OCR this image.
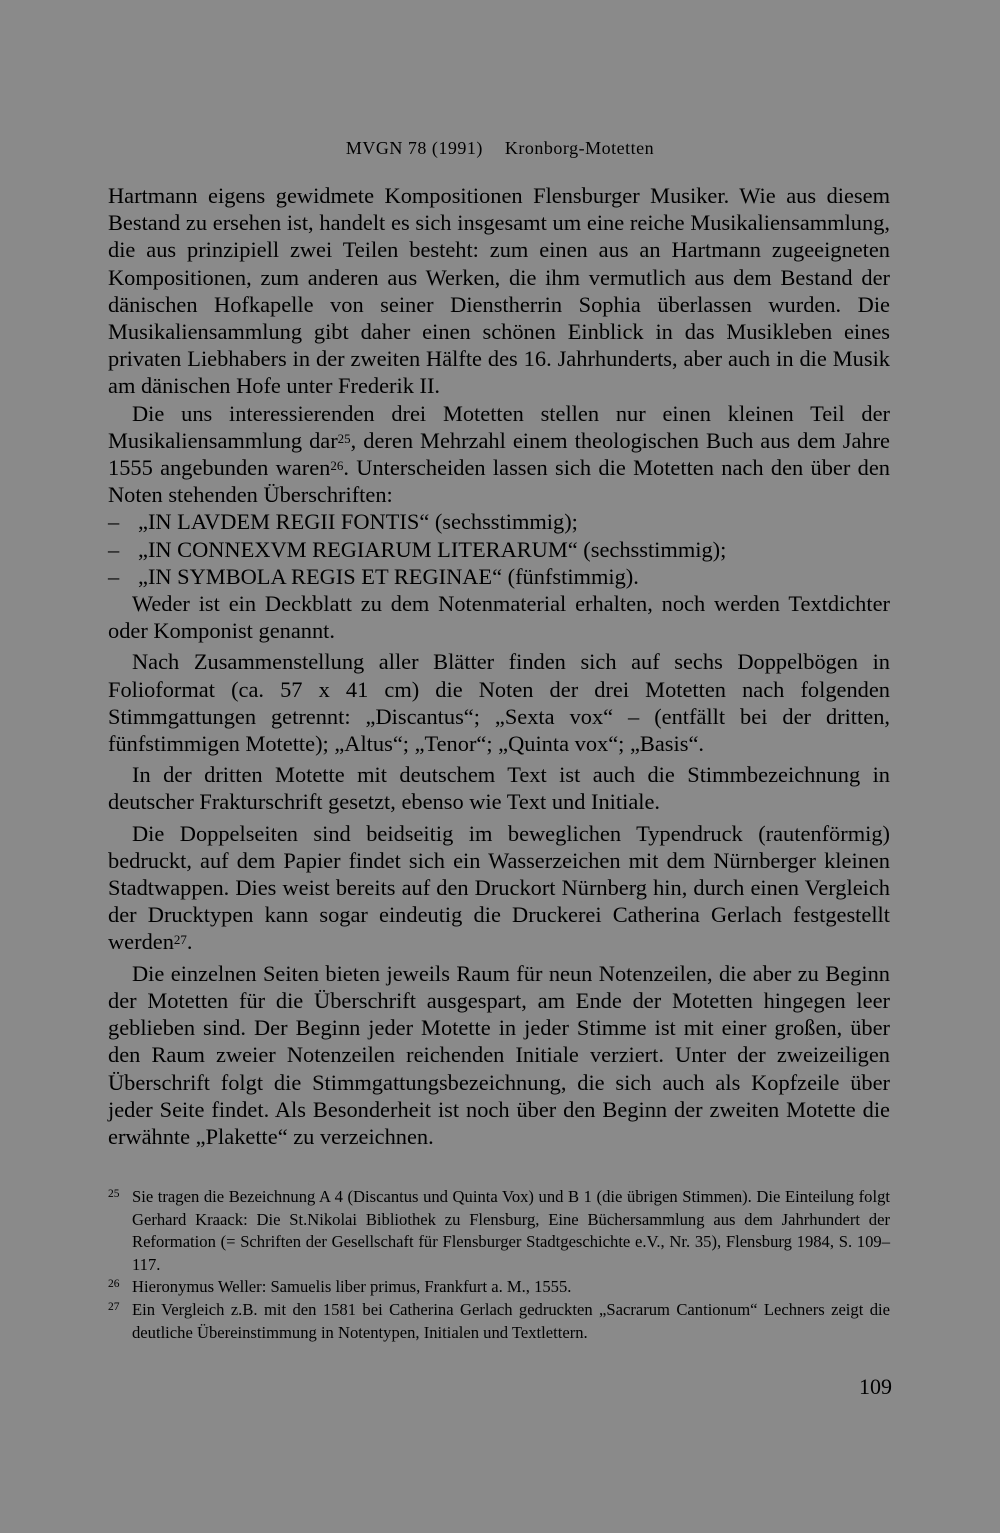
MVGN 78 (1991) Kronborg-Motetten

Hartmann eigens gewidmete Kompositionen Flensburger Musiker. Wie aus diesem Bestand zu ersehen ist, handelt es sich insgesamt um eine reiche Musikaliensammlung, die aus prinzipiell zwei Teilen besteht: zum einen aus an Hartmann zugeeigneten Kompositionen, zum anderen aus Werken, die ihm vermutlich aus dem Bestand der dänischen Hofkapelle von seiner Dienstherrin Sophia überlassen wurden. Die Musikaliensammlung gibt daher einen schönen Einblick in das Musikleben eines privaten Liebhabers in der zweiten Hälfte des 16. Jahrhunderts, aber auch in die Musik am dänischen Hofe unter Frederik II.

Die uns interessierenden drei Motetten stellen nur einen kleinen Teil der Musikaliensammlung dar$^{25}$, deren Mehrzahl einem theologischen Buch aus dem Jahre 1555 angebunden waren$^{26}$. Unterscheiden lassen sich die Motetten nach den über den Noten stehenden Überschriften:

– „IN LAVDEM REGII FONTIS“ (sechsstimmig);

– „IN CONNEXVM REGIARUM LITERARUM“ (sechsstimmig);

– „IN SYMBOLA REGIS ET REGINAE“ (fünfstimmig).

Weder ist ein Deckblatt zu dem Notenmaterial erhalten, noch werden Textdichter oder Komponist genannt.

Nach Zusammenstellung aller Blätter finden sich auf sechs Doppelbögen in Folioformat (ca. 57 x 41 cm) die Noten der drei Motetten nach folgenden Stimmgattungen getrennt: „Discantus“; „Sexta vox“ – (entfällt bei der dritten, fünfstimmigen Motette); „Altus“; „Tenor“; „Quinta vox“; „Basis“.

In der dritten Motette mit deutschem Text ist auch die Stimmbezeichnung in deutscher Frakturschrift gesetzt, ebenso wie Text und Initiale.

Die Doppelseiten sind beidseitig im beweglichen Typendruck (rautenförmig) bedruckt, auf dem Papier findet sich ein Wasserzeichen mit dem Nürnberger kleinen Stadtwappen. Dies weist bereits auf den Druckort Nürnberg hin, durch einen Vergleich der Drucktypen kann sogar eindeutig die Druckerei Catherina Gerlach festgestellt werden$^{27}$.

Die einzelnen Seiten bieten jeweils Raum für neun Notenzeilen, die aber zu Beginn der Motetten für die Überschrift ausgespart, am Ende der Motetten hingegen leer geblieben sind. Der Beginn jeder Motette in jeder Stimme ist mit einer großen, über den Raum zweier Notenzeilen reichenden Initiale verziert. Unter der zweizeiligen Überschrift folgt die Stimmgattungsbezeichnung, die sich auch als Kopfzeile über jeder Seite findet. Als Besonderheit ist noch über den Beginn der zweiten Motette die erwähnte „Plakette“ zu verzeichnen.

25 Sie tragen die Bezeichnung A 4 (Discantus und Quinta Vox) und B 1 (die übrigen Stimmen). Die Einteilung folgt Gerhard Kraack: Die St.Nikolai Bibliothek zu Flensburg, Eine Büchersammlung aus dem Jahrhundert der Reformation (= Schriften der Gesellschaft für Flensburger Stadtgeschichte e.V., Nr. 35), Flensburg 1984, S. 109–117.

26 Hieronymus Weller: Samuelis liber primus, Frankfurt a. M., 1555.

27 Ein Vergleich z.B. mit den 1581 bei Catherina Gerlach gedruckten „Sacrarum Cantionum“ Lechners zeigt die deutliche Übereinstimmung in Notentypen, Initialen und Textlettern.

109
